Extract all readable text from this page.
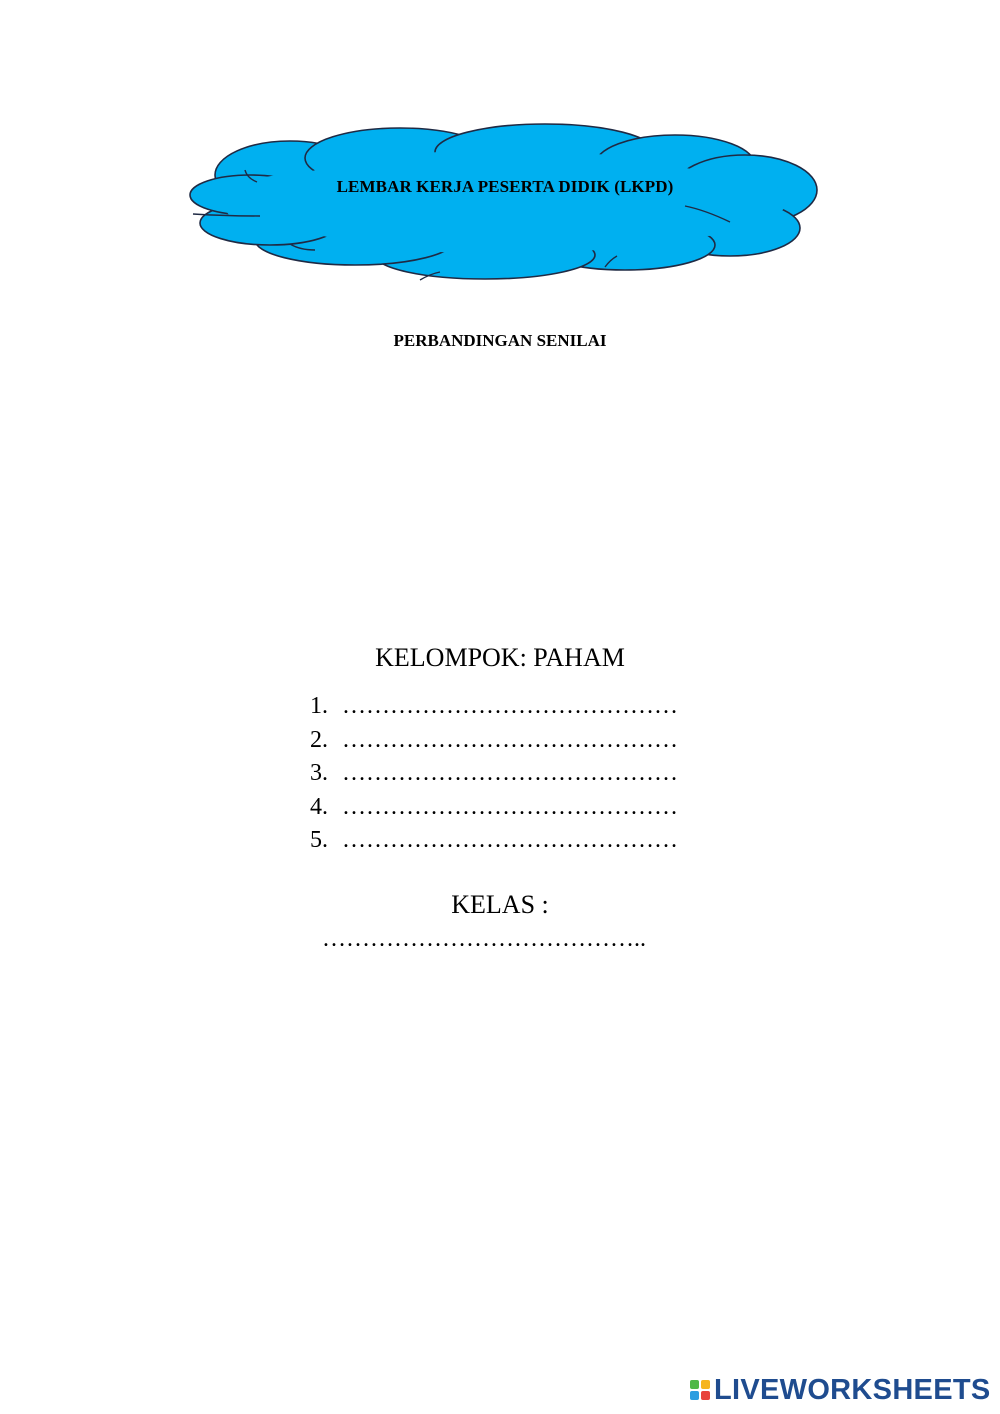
LEMBAR KERJA PESERTA DIDIK (LKPD)
PERBANDINGAN SENILAI
KELOMPOK: PAHAM
1. ……………………………………
2. ……………………………………
3. ……………………………………
4. ……………………………………
5. ……………………………………
KELAS :
…………………………………..
LIVEWORKSHEETS
